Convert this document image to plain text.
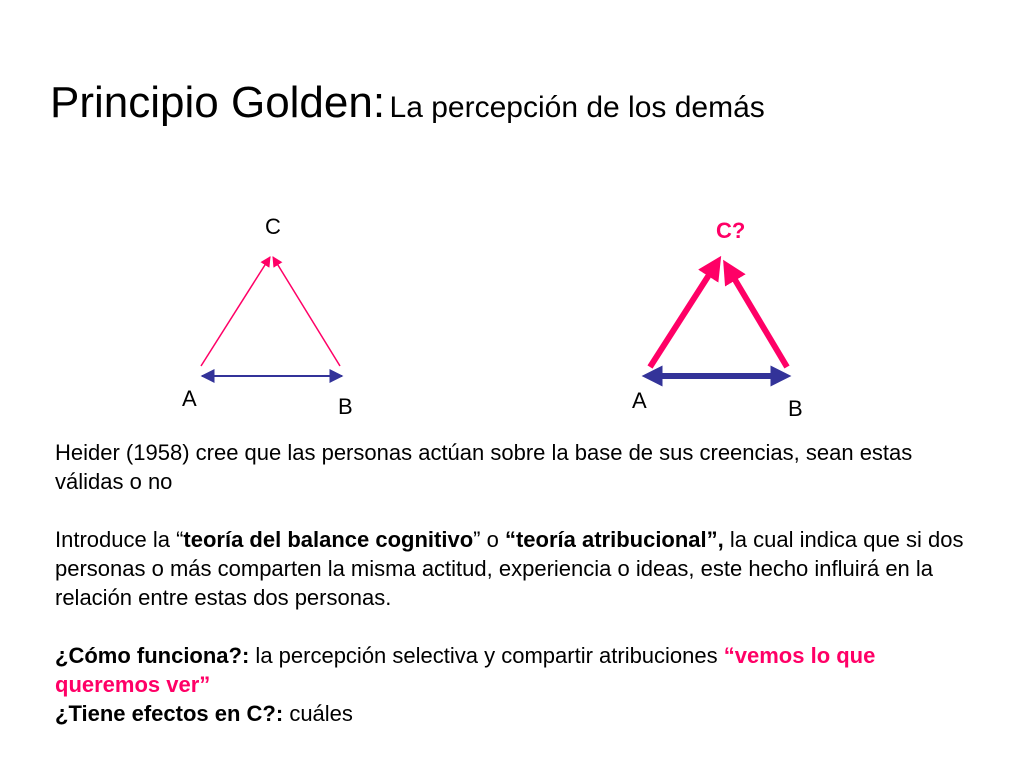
Principio Golden: La percepción de los demás
C
A	B
C?
A	B

Heider (1958) cree que las personas actúan sobre la base de sus creencias, sean estas válidas o no

Introduce la “teoría del balance cognitivo” o “teoría atribucional”, la cual indica que si dos personas o más comparten la misma actitud, experiencia o ideas, este hecho influirá en la relación entre estas dos personas.

¿Cómo funciona?: la percepción selectiva y compartir atribuciones “vemos lo que queremos ver”

¿Tiene efectos en C?: cuáles
